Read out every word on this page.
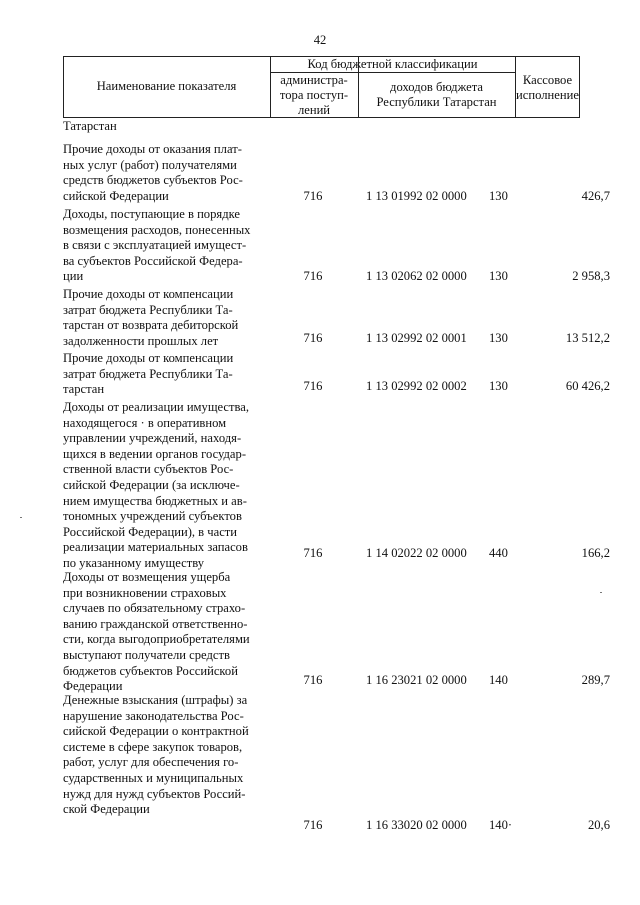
42
Наименование показателя
Код бюджетной классификации
администра-
тора поступ-
лений
доходов бюджета
Республики Татарстан
Кассовое
исполнение
Татарстан
Прочие доходы от оказания плат-
ных услуг (работ) получателями
средств бюджетов субъектов Рос-
сийской Федерации	716	1 13 01992 02 0000	130	426,7
Доходы, поступающие в порядке
возмещения расходов, понесенных
в связи с эксплуатацией имущест-
ва субъектов Российской Федера-
ции	716	1 13 02062 02 0000	130	2 958,3
Прочие доходы от компенсации
затрат бюджета Республики Та-
тарстан от возврата дебиторской
задолженности прошлых лет	716	1 13 02992 02 0001	130	13 512,2
Прочие доходы от компенсации
затрат бюджета Республики Та-
тарстан	716	1 13 02992 02 0002	130	60 426,2
Доходы от реализации имущества,
находящегося · в оперативном
управлении учреждений, находя-
щихся в ведении органов государ-
ственной власти субъектов Рос-
сийской Федерации (за исключе-
нием имущества бюджетных и ав-
тономных учреждений субъектов
Российской Федерации), в части
реализации материальных запасов
по указанному имуществу
716	1 14 02022 02 0000	440	166,2
Доходы от возмещения ущерба
при возникновении страховых
случаев по обязательному страхо-
ванию гражданской ответственно-
сти, когда выгодоприобретателями
выступают получатели средств
бюджетов субъектов Российской
Федерации	716	1 16 23021 02 0000	140	289,7
Денежные взыскания (штрафы) за
нарушение законодательства Рос-
сийской Федерации о контрактной
системе в сфере закупок товаров,
работ, услуг для обеспечения го-
сударственных и муниципальных
нужд для нужд субъектов Россий-
ской Федерации
716	1 16 33020 02 0000	140·	20,6
